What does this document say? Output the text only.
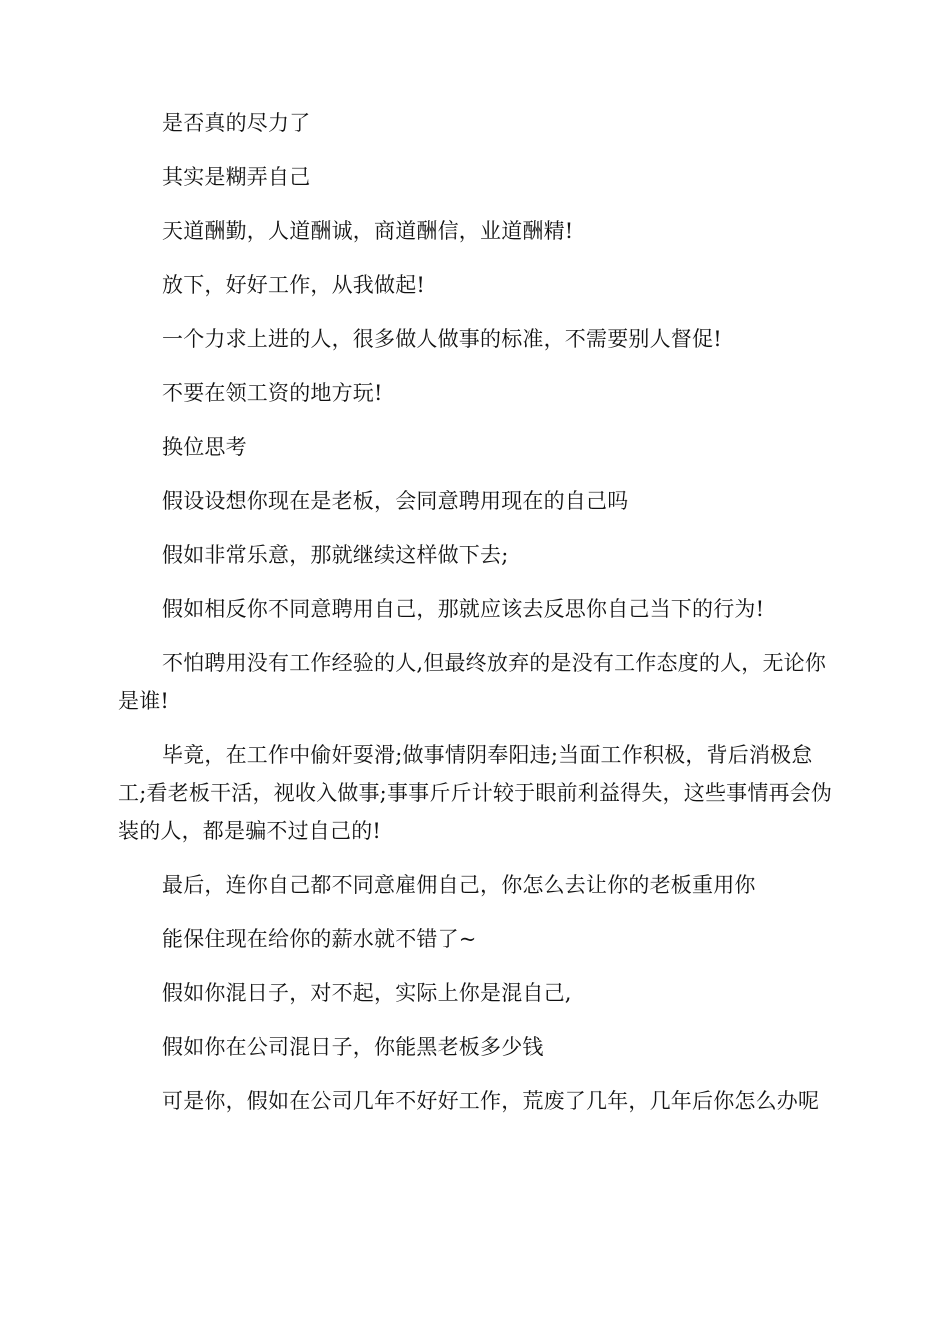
是否真的尽力了

其实是糊弄自己

天道酬勤，人道酬诚，商道酬信，业道酬精!

放下，好好工作，从我做起!

一个力求上进的人，很多做人做事的标准，不需要别人督促!

不要在领工资的地方玩!

换位思考

假设设想你现在是老板，会同意聘用现在的自己吗

假如非常乐意，那就继续这样做下去;

假如相反你不同意聘用自己，那就应该去反思你自己当下的行为!

不怕聘用没有工作经验的人,但最终放弃的是没有工作态度的人，无论你是谁!

毕竟，在工作中偷奸耍滑;做事情阴奉阳违;当面工作积极，背后消极怠工;看老板干活，视收入做事;事事斤斤计较于眼前利益得失，这些事情再会伪装的人，都是骗不过自己的!

最后，连你自己都不同意雇佣自己，你怎么去让你的老板重用你

能保住现在给你的薪水就不错了~

假如你混日子，对不起，实际上你是混自己,

假如你在公司混日子，你能黑老板多少钱

可是你，假如在公司几年不好好工作，荒废了几年，几年后你怎么办呢
